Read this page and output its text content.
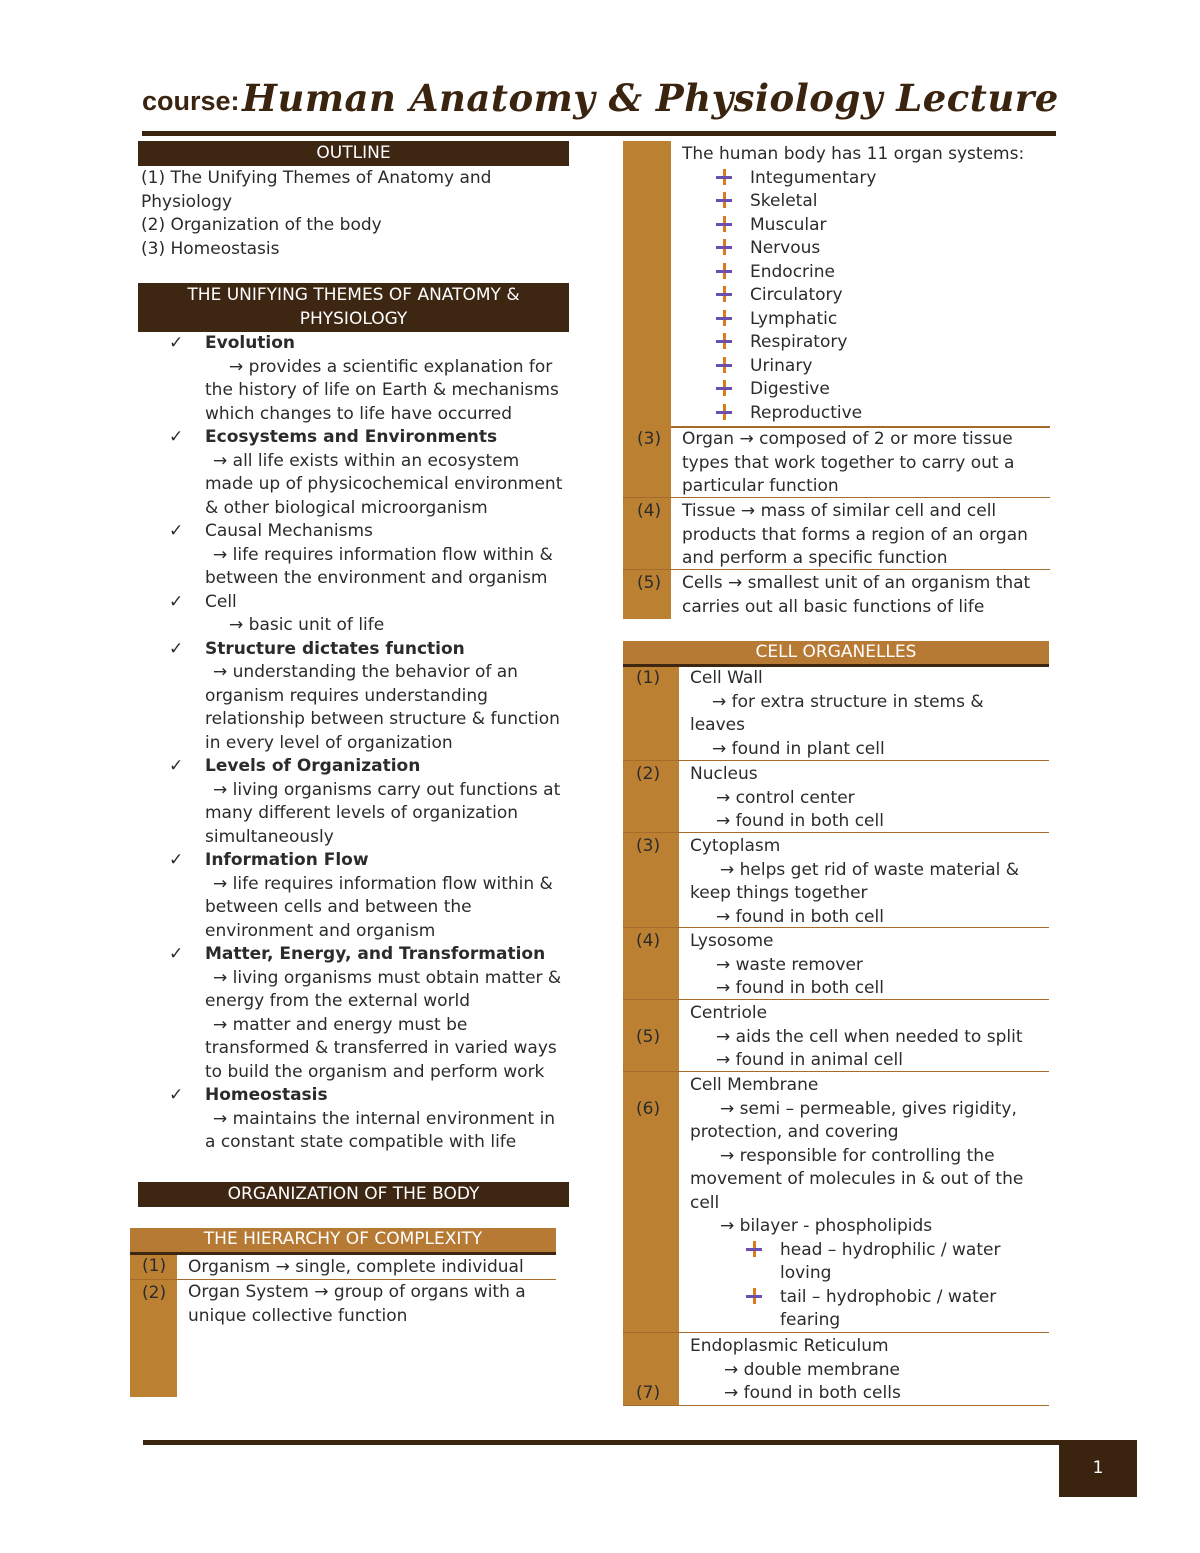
course: Human Anatomy & Physiology Lecture
OUTLINE
(1) The Unifying Themes of Anatomy and
Physiology
(2) Organization of the body
(3) Homeostasis
THE UNIFYING THEMES OF ANATOMY &
PHYSIOLOGY
✓ Evolution
→ provides a scientific explanation for
the history of life on Earth & mechanisms
which changes to life have occurred
✓ Ecosystems and Environments
→ all life exists within an ecosystem
made up of physicochemical environment
& other biological microorganism
✓ Causal Mechanisms
→ life requires information flow within &
between the environment and organism
✓ Cell
→ basic unit of life
✓ Structure dictates function
→ understanding the behavior of an
organism requires understanding
relationship between structure & function
in every level of organization
✓ Levels of Organization
→ living organisms carry out functions at
many different levels of organization
simultaneously
✓ Information Flow
→ life requires information flow within &
between cells and between the
environment and organism
✓ Matter, Energy, and Transformation
→ living organisms must obtain matter &
energy from the external world
→ matter and energy must be
transformed & transferred in varied ways
to build the organism and perform work
✓ Homeostasis
→ maintains the internal environment in
a constant state compatible with life
ORGANIZATION OF THE BODY
THE HIERARCHY OF COMPLEXITY
(1) Organism → single, complete individual
(2) Organ System → group of organs with a
unique collective function
The human body has 11 organ systems:
Integumentary
Skeletal
Muscular
Nervous
Endocrine
Circulatory
Lymphatic
Respiratory
Urinary
Digestive
Reproductive
(3) Organ → composed of 2 or more tissue
types that work together to carry out a
particular function
(4) Tissue → mass of similar cell and cell
products that forms a region of an organ
and perform a specific function
(5) Cells → smallest unit of an organism that
carries out all basic functions of life
CELL ORGANELLES
(1) Cell Wall
→ for extra structure in stems &
leaves
→ found in plant cell
(2) Nucleus
→ control center
→ found in both cell
(3) Cytoplasm
→ helps get rid of waste material &
keep things together
→ found in both cell
(4) Lysosome
→ waste remover
→ found in both cell
(5)
Centriole
→ aids the cell when needed to split
→ found in animal cell
(6)
Cell Membrane
→ semi – permeable, gives rigidity,
protection, and covering
→ responsible for controlling the
movement of molecules in & out of the
cell
→ bilayer - phospholipids
head – hydrophilic / water
loving
tail – hydrophobic / water
fearing
(7)
Endoplasmic Reticulum
→ double membrane
→ found in both cells
1
